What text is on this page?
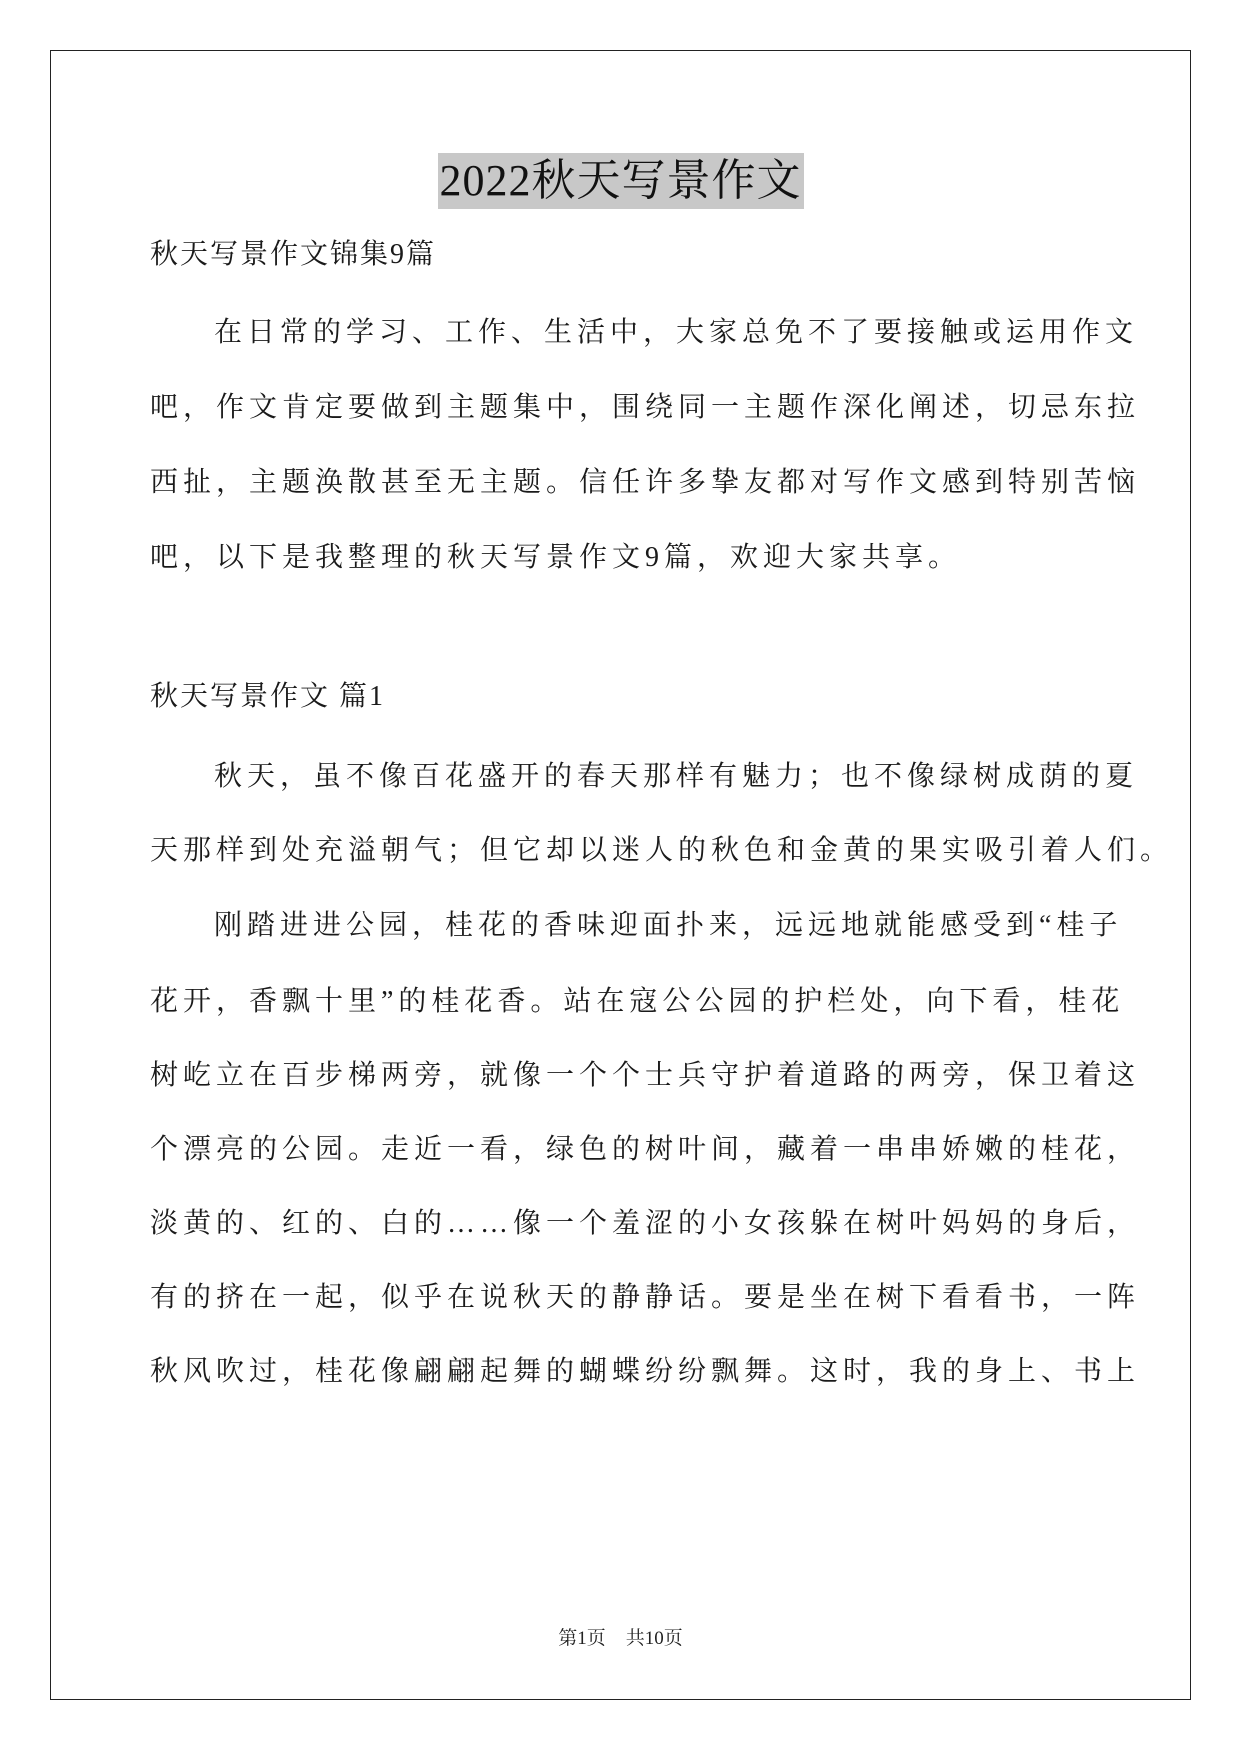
2022秋天写景作文
秋天写景作文锦集9篇
在日常的学习、工作、生活中，大家总免不了要接触或运用作文
吧，作文肯定要做到主题集中，围绕同一主题作深化阐述，切忌东拉
西扯，主题涣散甚至无主题。信任许多挚友都对写作文感到特别苦恼
吧，以下是我整理的秋天写景作文9篇，欢迎大家共享。
秋天写景作文 篇1
秋天，虽不像百花盛开的春天那样有魅力；也不像绿树成荫的夏
天那样到处充溢朝气；但它却以迷人的秋色和金黄的果实吸引着人们。
刚踏进进公园，桂花的香味迎面扑来，远远地就能感受到“桂子
花开，香飘十里”的桂花香。站在寇公公园的护栏处，向下看，桂花
树屹立在百步梯两旁，就像一个个士兵守护着道路的两旁，保卫着这
个漂亮的公园。走近一看，绿色的树叶间，藏着一串串娇嫩的桂花，
淡黄的、红的、白的……像一个羞涩的小女孩躲在树叶妈妈的身后，
有的挤在一起，似乎在说秋天的静静话。要是坐在树下看看书，一阵
秋风吹过，桂花像翩翩起舞的蝴蝶纷纷飘舞。这时，我的身上、书上
第1页 共10页
